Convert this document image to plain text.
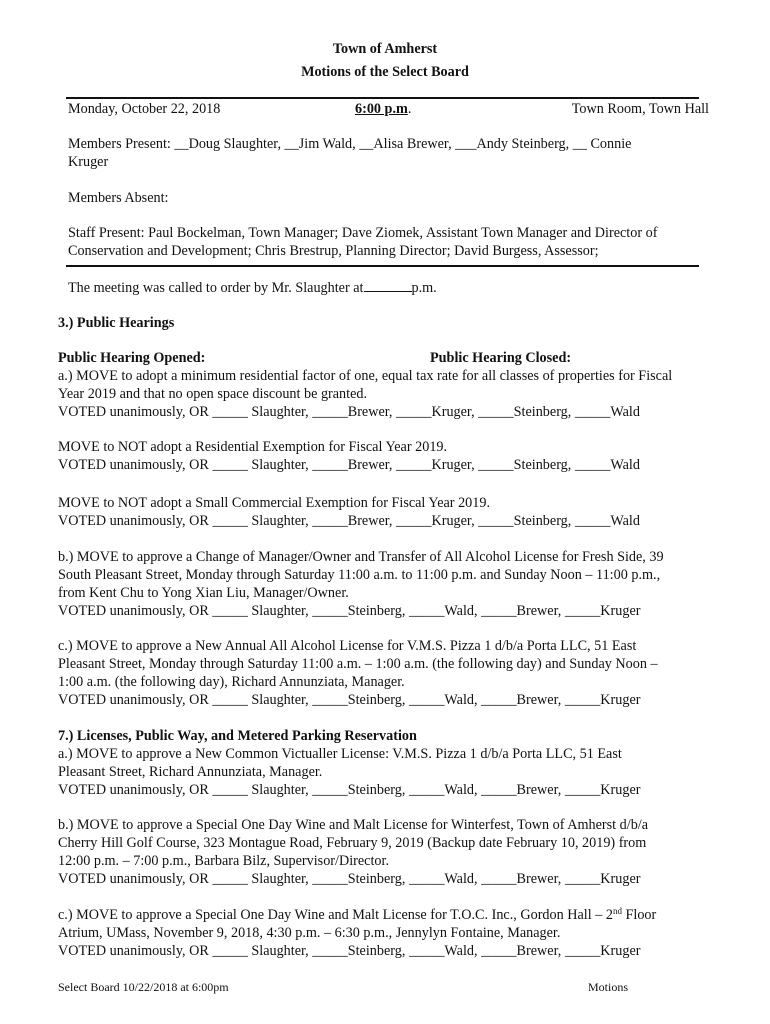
Town of Amherst
Motions of the Select Board
Monday, October 22, 2018	6:00 p.m.	Town Room, Town Hall
Members Present: __Doug Slaughter, __Jim Wald, __Alisa Brewer, ___Andy Steinberg, __ Connie
Kruger
Members Absent:
Staff Present: Paul Bockelman, Town Manager; Dave Ziomek, Assistant Town Manager and Director of
Conservation and Development; Chris Brestrup, Planning Director; David Burgess, Assessor;
The meeting was called to order by Mr. Slaughter at	p.m.
3.) Public Hearings
Public Hearing Opened:	Public Hearing Closed:
a.) MOVE to adopt a minimum residential factor of one, equal tax rate for all classes of properties for Fiscal
Year 2019 and that no open space discount be granted.
VOTED unanimously, OR _____ Slaughter, _____Brewer, _____Kruger, _____Steinberg, _____Wald
MOVE to NOT adopt a Residential Exemption for Fiscal Year 2019.
VOTED unanimously, OR _____ Slaughter, _____Brewer, _____Kruger, _____Steinberg, _____Wald
MOVE to NOT adopt a Small Commercial Exemption for Fiscal Year 2019.
VOTED unanimously, OR _____ Slaughter, _____Brewer, _____Kruger, _____Steinberg, _____Wald
b.) MOVE to approve a Change of Manager/Owner and Transfer of All Alcohol License for Fresh Side, 39
South Pleasant Street, Monday through Saturday 11:00 a.m. to 11:00 p.m. and Sunday Noon – 11:00 p.m.,
from Kent Chu to Yong Xian Liu, Manager/Owner.
VOTED unanimously, OR _____ Slaughter, _____Steinberg, _____Wald, _____Brewer, _____Kruger
c.) MOVE to approve a New Annual All Alcohol License for V.M.S. Pizza 1 d/b/a Porta LLC, 51 East
Pleasant Street, Monday through Saturday 11:00 a.m. – 1:00 a.m. (the following day) and Sunday Noon –
1:00 a.m. (the following day), Richard Annunziata, Manager.
VOTED unanimously, OR _____ Slaughter, _____Steinberg, _____Wald, _____Brewer, _____Kruger
7.) Licenses, Public Way, and Metered Parking Reservation
a.) MOVE to approve a New Common Victualler License: V.M.S. Pizza 1 d/b/a Porta LLC, 51 East
Pleasant Street, Richard Annunziata, Manager.
VOTED unanimously, OR _____ Slaughter, _____Steinberg, _____Wald, _____Brewer, _____Kruger
b.) MOVE to approve a Special One Day Wine and Malt License for Winterfest, Town of Amherst d/b/a
Cherry Hill Golf Course, 323 Montague Road, February 9, 2019 (Backup date February 10, 2019) from
12:00 p.m. – 7:00 p.m., Barbara Bilz, Supervisor/Director.
VOTED unanimously, OR _____ Slaughter, _____Steinberg, _____Wald, _____Brewer, _____Kruger
c.) MOVE to approve a Special One Day Wine and Malt License for T.O.C. Inc., Gordon Hall – 2nd Floor
Atrium, UMass, November 9, 2018, 4:30 p.m. – 6:30 p.m., Jennylyn Fontaine, Manager.
VOTED unanimously, OR _____ Slaughter, _____Steinberg, _____Wald, _____Brewer, _____Kruger
Select Board 10/22/2018 at 6:00pm	Motions
